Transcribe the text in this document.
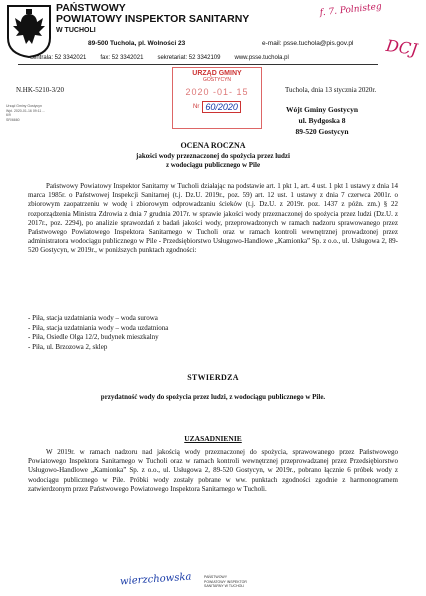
PAŃSTWOWY
POWIATOWY INSPEKTOR SANITARNY
W TUCHOLI
89-500 Tuchola, pl. Wolności 23	e-mail: psse.tuchola@pis.gov.pl
centrala: 52 3342021 fax: 52 3342021 sekretariat: 52 3342109 www.psse.tuchola.pl
f. 7. Polnisteg
DCJ
URZĄD GMINY
GOSTYCYN
2020 -01- 15
Nr 60/2020
Tuchola, dnia 13 stycznia 2020r.
Wójt Gminy Gostycyn
ul. Bydgoska 8
89-520 Gostycyn
N.HK-5210-3/20
Urząd Gminy Gostycyn
Wpł. 2020-01-16 09:11 ...
6/9
SR/6660
OCENA ROCZNA
jakości wody przeznaczonej do spożycia przez ludzi
z wodociągu publicznego w Pile
Państwowy Powiatowy Inspektor Sanitarny w Tucholi działając na podstawie art. 1 pkt 1, art. 4 ust. 1 pkt 1 ustawy z dnia 14 marca 1985r. o Państwowej Inspekcji Sanitarnej (t.j. Dz.U. 2019r., poz. 59) art. 12 ust. 1 ustawy z dnia 7 czerwca 2001r. o zbiorowym zaopatrzeniu w wodę i zbiorowym odprowadzaniu ścieków (t.j. Dz.U. z 2019r. poz. 1437 z późn. zm.) § 22 rozporządzenia Ministra Zdrowia z dnia 7 grudnia 2017r. w sprawie jakości wody przeznaczonej do spożycia przez ludzi (Dz.U. z 2017r., poz. 2294), po analizie sprawozdań z badań jakości wody, przeprowadzonych w ramach nadzoru sprawowanego przez Państwowego Powiatowego Inspektora Sanitarnego w Tucholi oraz w ramach kontroli wewnętrznej prowadzonej przez administratora wodociągu publicznego w Pile - Przedsiębiorstwo Usługowo-Handlowe „Kamionka” Sp. z o.o., ul. Usługowa 2, 89-520 Gostycyn, w 2019r., w poniższych punktach zgodności:
- Piła, stacja uzdatniania wody – woda surowa
- Piła, stacja uzdatniania wody – woda uzdatniona
- Piła, Osiedle Olga 12/2, budynek mieszkalny
- Piła, ul. Brzozowa 2, sklep
STWIERDZA
przydatność wody do spożycia przez ludzi, z wodociągu publicznego w Pile.
UZASADNIENIE
W 2019r. w ramach nadzoru nad jakością wody przeznaczonej do spożycia, sprawowanego przez Państwowego Powiatowego Inspektora Sanitarnego w Tucholi oraz w ramach kontroli wewnętrznej przeprowadzanej przez Przedsiębiorstwo Usługowo-Handlowe „Kamionka” Sp. z o.o., ul. Usługowa 2, 89-520 Gostycyn, w 2019r., pobrano łącznie 6 próbek wody z wodociągu publicznego w Pile. Próbki wody zostały pobrane w ww. punktach zgodności zgodnie z harmonogramem zatwierdzonym przez Państwowego Powiatowego Inspektora Sanitarnego w Tucholi.
wierzchowska	PAŃSTWOWY
POWIATOWY INSPEKTOR
SANITARNY W TUCHOLI
